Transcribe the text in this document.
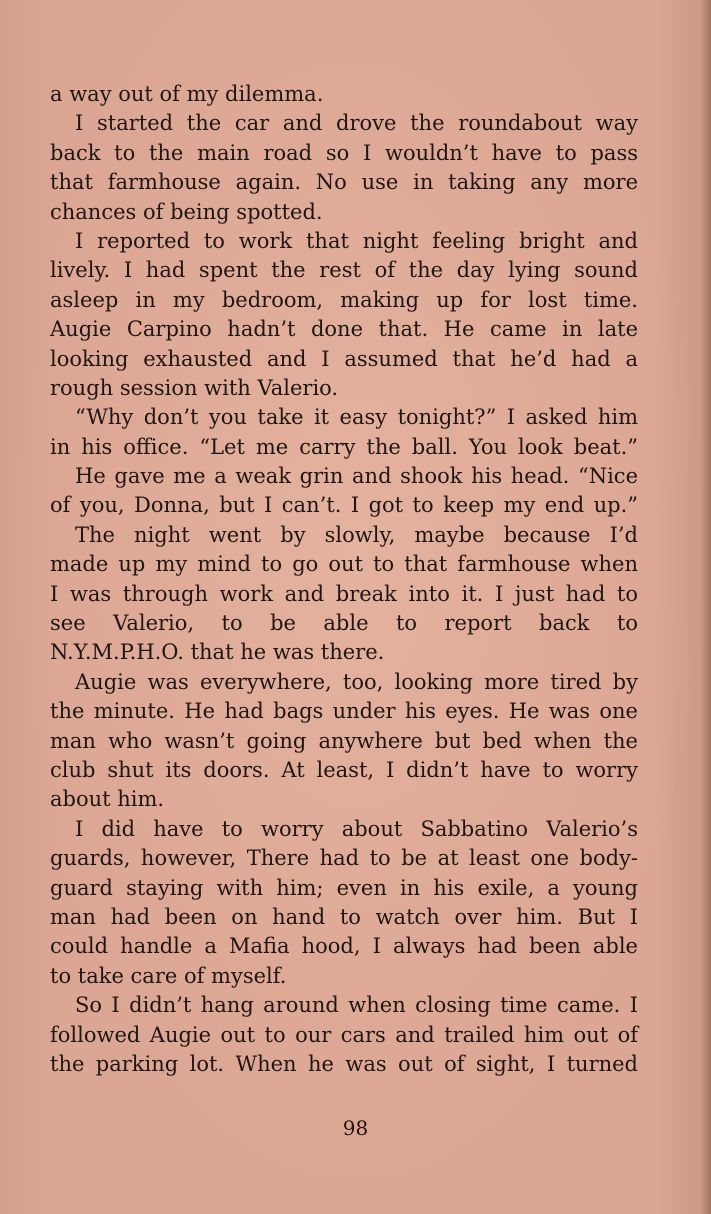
a way out of my dilemma.
I started the car and drove the roundabout way
back to the main road so I wouldn’t have to pass
that farmhouse again. No use in taking any more
chances of being spotted.
I reported to work that night feeling bright and
lively. I had spent the rest of the day lying sound
asleep in my bedroom, making up for lost time.
Augie Carpino hadn’t done that. He came in late
looking exhausted and I assumed that he’d had a
rough session with Valerio.
“Why don’t you take it easy tonight?” I asked him
in his office. “Let me carry the ball. You look beat.”
He gave me a weak grin and shook his head. “Nice
of you, Donna, but I can’t. I got to keep my end up.”
The night went by slowly, maybe because I’d
made up my mind to go out to that farmhouse when
I was through work and break into it. I just had to
see Valerio, to be able to report back to
N.Y.M.P.H.O. that he was there.
Augie was everywhere, too, looking more tired by
the minute. He had bags under his eyes. He was one
man who wasn’t going anywhere but bed when the
club shut its doors. At least, I didn’t have to worry
about him.
I did have to worry about Sabbatino Valerio’s
guards, however, There had to be at least one body-
guard staying with him; even in his exile, a young
man had been on hand to watch over him. But I
could handle a Mafia hood, I always had been able
to take care of myself.
So I didn’t hang around when closing time came. I
followed Augie out to our cars and trailed him out of
the parking lot. When he was out of sight, I turned
98
